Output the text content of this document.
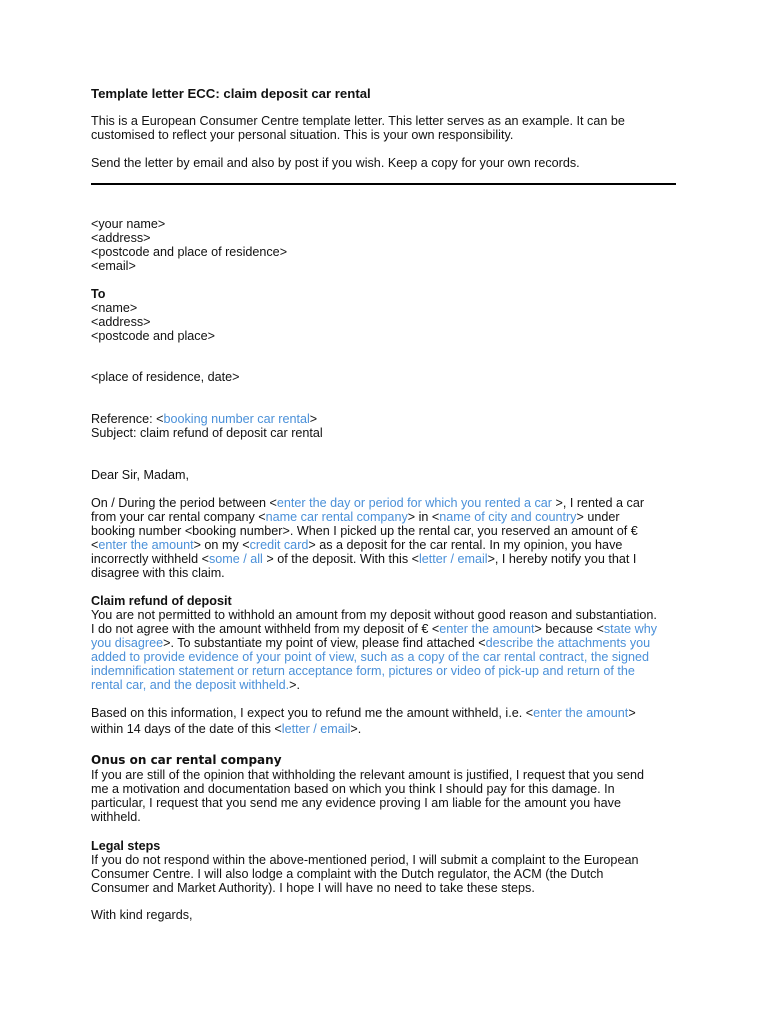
Template letter ECC: claim deposit car rental
This is a European Consumer Centre template letter. This letter serves as an example. It can be
customised to reflect your personal situation. This is your own responsibility.
Send the letter by email and also by post if you wish. Keep a copy for your own records.
<your name>
<address>
<postcode and place of residence>
<email>
To
<name>
<address>
<postcode and place>
<place of residence, date>
Reference: <booking number car rental>
Subject: claim refund of deposit car rental
Dear Sir, Madam,
On / During the period between <enter the day or period for which you rented a car >, I rented a car
from your car rental company <name car rental company> in <name of city and country> under
booking number <booking number>. When I picked up the rental car, you reserved an amount of €
<enter the amount> on my <credit card> as a deposit for the car rental. In my opinion, you have
incorrectly withheld <some / all > of the deposit. With this <letter / email>, I hereby notify you that I
disagree with this claim.
Claim refund of deposit
You are not permitted to withhold an amount from my deposit without good reason and substantiation.
I do not agree with the amount withheld from my deposit of € <enter the amount> because <state why
you disagree>. To substantiate my point of view, please find attached <describe the attachments you
added to provide evidence of your point of view, such as a copy of the car rental contract, the signed
indemnification statement or return acceptance form, pictures or video of pick-up and return of the
rental car, and the deposit withheld.>.
Based on this information, I expect you to refund me the amount withheld, i.e. <enter the amount>
within 14 days of the date of this <letter / email>.
Onus on car rental company
If you are still of the opinion that withholding the relevant amount is justified, I request that you send
me a motivation and documentation based on which you think I should pay for this damage. In
particular, I request that you send me any evidence proving I am liable for the amount you have
withheld.
Legal steps
If you do not respond within the above-mentioned period, I will submit a complaint to the European
Consumer Centre. I will also lodge a complaint with the Dutch regulator, the ACM (the Dutch
Consumer and Market Authority). I hope I will have no need to take these steps.
With kind regards,
